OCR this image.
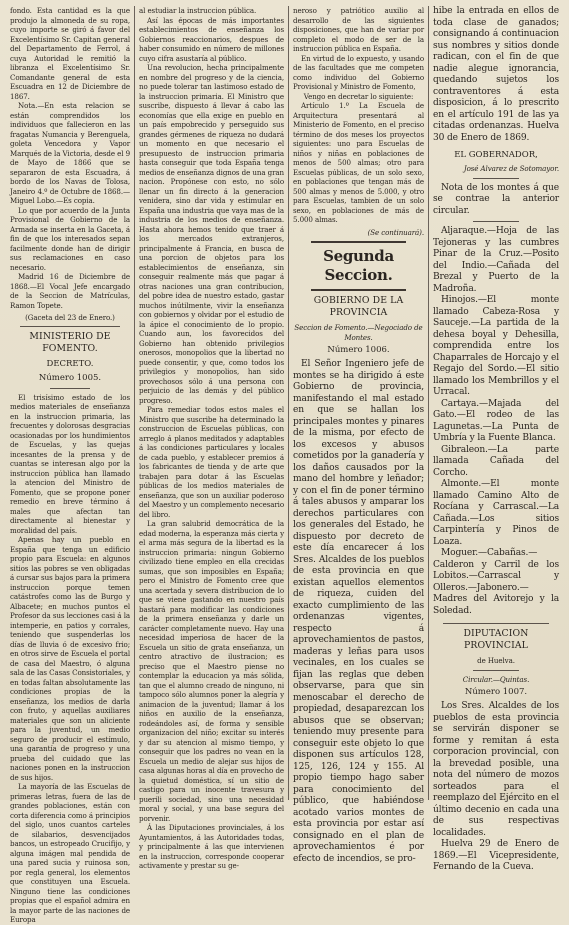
fondo. Esta cantidad es la que produjo la almoneda de su ropa, cuyo importe se giró á favor del Excelentísimo Sr. Capitan general del Departamento de Ferrol, á cuya Autoridad le remitió la libranza el Excelentísimo Sr. Comandante general de esta Escuadra en 12 de Diciembre de 1867.

Nota.—En esta relacion se están comprendidos los individuos que fallecieron en las fragatas Numancia y Berenguela, goleta Vencedora y Vapor Marqués de la Victoria, desde el 9 de Mayo de 1866 que se separaron de esta Escuadra, á bordo de los Navas de Tolosa, Janeiro 4.º de Octubre de 1868.—Miguel Lobo.—Es copia.

Lo que por acuerdo de la Junta Provisional de Gobierno de la Armada se inserta en la Gaceta, á fin de que los interesados sepan facilmente donde han de dirigir sus reclamaciones en caso necesario.

Madrid 16 de Diciembre de 1868.—El Vocal Jefe encargado de la Seccion de Matrículas, Ramon Topete.

(Gaceta del 23 de Enero.)

MINISTERIO DE FOMENTO.
DECRETO.
Número 1005.

El trisísimo estado de los medios materiales de enseñanza en la instruccion primaria, las frecuentes y dolorosas desgracias ocasionadas por los hundimientos de Escuelas, y las quejas incesantes de la prensa y de cuantas se interesan algo por la instruccion pública han llamado la atencion del Ministro de Fomento, que se propone poner remedio en breve término á males que afectan tan directamente al bienestar y moralidad del país.

Apenas hay un pueblo en España que tenga un edificio propio para Escuela: en algunos sitios las pobres se ven obligadas á cursar sus bajos para la primera instruccion porque temen catástrofes como las de Burgo y Albacete; en muchos puntos el Profesor da sus lecciones casi á la intemperie, en patios y corrales, teniendo que suspenderlas los días de lluvia ó de excesivo frio; en otros sirve de Escuela el portal de casa del Maestro, ó alguna sala de las Casas Consistoriales, y en todas faltan absolutamente las condiciones propias de la enseñanza, los medios de darla con fruto, y aquellas auxiliares materiales que son un aliciente para la juventud, un medio seguro de producir el estímulo, una garantía de progreso y una prueba del cuidado que las naciones ponen en la instruccion de sus hijos.

La mayoría de las Escuelas de primeras letras, fuera de las de grandes poblaciones, están con corta diferencia como á principios del siglo, unos cuantos carteles de silabarios, desvencijados bancos, un estropeado Crucifijo, y alguna imágen mal pendida de una pared sucia y ruinosa son, por regla general, los elementos que constituyen una Escuela. Ninguno tiene las condiciones propias que el español admira en la mayor parte de las naciones de Europa

al estudiar la instruccion pública.

Así las épocas de más importantes establecimientos de enseñanza los Gobiernos reaccionarios, despues de haber consumido en número de millones cuyo cifra asustaría al público.

Una revolucion, hecha principalmente en nombre del progreso y de la ciencia, no puede tolerar tan lastimoso estado de la instruccion primaria. El Ministro que suscribe, dispuesto á llevar á cabo las economías que ella exige en pueblo en un país empobrecido y perseguido sus grandes gérmenes de riqueza no dudará un momento en que necesario el presupuesto de instruccion primaria hasta conseguir que toda España tenga medios de enseñanza dignos de una gran nacion. Propónese con esto, no sólo llenar un fin directo á la generacion venidera, sino dar vida y estimular en España una industria que vaya mas de la industria de los medios de enseñanza. Hasta ahora hemos tenido que traer á los mercados extranjeros, principalmente á Francia, en busca de una porcion de objetos para los establecimientos de enseñanza, sin conseguir realmente más que pagar á otras naciones una gran contribucion, del pobre idea de nuestro estado, gastar muchos inútilmente, vivir la enseñanza con gobiernos y olvidar por el estudio de la ápice el conocimiento de lo propio. Cuando aun, los favorecidos del Gobierno han obtenido privilegios onerosos, monopolios que la libertad no puede consentir, y que, como todos los privilegios y monopolios, han sido provechosos sólo á una persona con perjuicio de las demás y del público progreso.

Para remediar todos estos males el Ministro que suscribe ha determinado la construccion de Escuelas públicas, con arreglo á planos meditados y adaptables á las condiciones particulares y locales de cada pueblo, y establecer premios á los fabricantes de tienda y de arte que trabajen para dotar á las Escuelas públicas de los medios materiales de enseñanza, que son un auxiliar poderoso del Maestro y un complemento necesario del libro.

La gran salubrid democrática de la edad moderna, la esperanza más cierta y el arma más segura de la libertad es la instruccion primaria: ningun Gobierno civilizado tiene empleo en ella crecidas sumas, que son imposibles en España; pero el Ministro de Fomento cree que una acertada y severa distribucion de lo que se viene gastando en nuestro país bastará para modificar las condiciones de la primera enseñanza y darle un carácter completamente nuevo. Hay una necesidad imperiosa de hacer de la Escuela un sitio de grata enseñanza, un centro atractivo de ilustracion; es preciso que el Maestro piense no contemplar la educacion ya más sólida, tan que el alumno creado de ninguno, ni tampoco sólo alumnos poner la alegría y animacion de la juventud; llamar á los niños en auxilio de la enseñanza, rodeándoles así, de forma y sensible organizacion del niño; excitar su interés y dar su atencion al mismo tiempo, y conseguir que los padres no vean en la Escuela un medio de alejar sus hijos de casa algunas horas al día en provecho de la quietud doméstica, sí un sitio de castigo para un inocente travesura y puerili sociedad, sino una necesidad moral y social, y una base segura del porvenir.

Á las Diputaciones provinciales, á los Ayuntamientos, á las Autoridades todas, y principalmente á las que intervienen en la instruccion, corresponde cooperar activamente y prestar su ge-

neroso y patriótico auxilio al desarrollo de las siguientes disposiciones, que han de variar por completo el modo de ser de la instruccion pública en España.

En virtud de lo expuesto, y usando de las facultades que me competen como individuo del Gobierno Provisional y Ministro de Fomento,

Vengo en decretar lo siguiente:

Artículo 1.º La Escuela de Arquitectura presentará al Ministerio de Fomento, en el preciso término de dos meses los proyectos siguientes: uno para Escuelas de niños y niñas en poblaciones de menos de 500 almas; otro para Escuelas públicas, de un solo sexo, en poblaciones que tengan más de 500 almas y menos de 5.000, y otro para Escuelas, tambien de un solo sexo, en poblaciones de más de 5.000 almas.

(Se continuará).

Segunda Seccion.
GOBIERNO DE LA PROVINCIA

Seccion de Fomento.—Negociado de Montes.

Número 1006.

El Señor Ingeniero jefe de montes se ha dirigido á este Gobierno de provincia, manifestando el mal estado en que se hallan los principales montes y pinares de la misma, por efecto de los excesos y abusos cometidos por la ganadería y los daños causados por la mano del hombre y leñador; y con el fin de poner término á tales abusos y amparar los derechos particulares con los generales del Estado, he dispuesto por decreto de este día encarecer á los Sres. Alcaldes de los pueblos de esta provincia en que existan aquellos elementos de riqueza, cuiden del exacto cumplimiento de las ordenanzas vigentes, respecto á aprovechamientos de pastos, maderas y leñas para usos vecinales, en los cuales se fijan las reglas que deben observarse, para que sin menoscabar el derecho de propiedad, desaparezcan los abusos que se observan; teniendo muy presente para conseguir este objeto lo que disponen sus artículos 128, 125, 126, 124 y 155. Al propio tiempo hago saber para conocimiento del público, que habiéndose acotado varios montes de esta provincia por estar así consignado en el plan de aprovechamientos é por efecto de incendios, se pro-

hibe la entrada en ellos de toda clase de ganados; consignando á continuacion sus nombres y sitios donde radican, con el fin de que nadie alegue ignorancia, quedando sujetos los contraventores á esta disposicion, á lo prescrito en el artículo 191 de las ya citadas ordenanzas. Huelva 30 de Enero de 1869.

EL GOBERNADOR,

José Alvarez de Sotomayor.

Nota de los montes á que se contrae la anterior circular.

Aljaraque.—Hoja de las Tejoneras y las cumbres Pinar de la Cruz.—Posito del Indio.—Cañada del Brezal y Puerto de la Madroña.

Hinojos.—El monte llamado Cabeza-Rosa y Sauceje.—La partida de la dehesa boyal y Dehesilla, comprendida entre los Chaparrales de Horcajo y el Regajo del Sordo.—El sitio llamado los Membrillos y el Urracal.

Cartaya.—Majada del Gato.—El rodeo de las Lagunetas.—La Punta de Umbría y la Fuente Blanca.

Gibraleon.—La parte llamada Cañada del Corcho.

Almonte.—El monte llamado Camino Alto de Rocíana y Carrascal.—La Cañada.—Los sitios Carpintería y Pinos de Loaza.

Moguer.—Cabañas.—Calderon y Carril de los Lobitos.—Carrascal y Olleros.—Jabonero.—Madres del Avitorejo y la Soledad.

DIPUTACION PROVINCIAL

de Huelva.

Circular.—Quintas.

Número 1007.

Los Sres. Alcaldes de los pueblos de esta provincia se servirán disponer se forme y remitan á esta corporacion provincial, con la brevedad posible, una nota del número de mozos sorteados para el reemplazo del Ejército en el último decenio en cada una de sus respectivas localidades.

Huelva 29 de Enero de 1869.—El Vicepresidente, Fernando de la Cueva.
